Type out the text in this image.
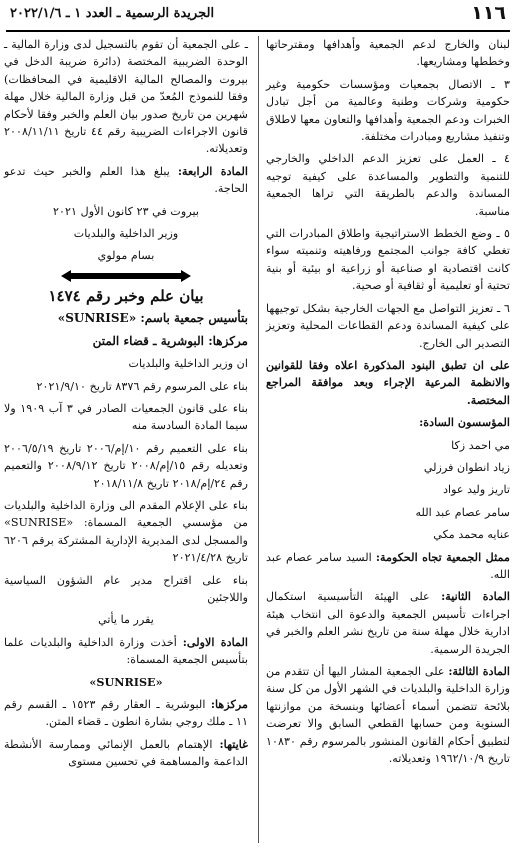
١١٦
الجريدة الرسمية ـ العدد ١ ـ ٢٠٢٢/١/٦

لبنان والخارج لدعم الجمعية وأهدافها ومقترحاتها وخططها ومشاريعها.

٣ ـ الاتصال بجمعيات ومؤسسات حكومية وغير حكومية وشركات وطنية وعالمية من أجل تبادل الخبرات ودعم الجمعية وأهدافها والتعاون معها لاطلاق وتنفيذ مشاريع ومبادرات مختلفة.

٤ ـ العمل على تعزيز الدعم الداخلي والخارجي للتنمية والتطوير والمساعدة على كيفية توجيه المساندة والدعم بالطريقة التي تراها الجمعية مناسبة.

٥ ـ وضع الخطط الاستراتيجية واطلاق المبادرات التي تغطي كافة جوانب المجتمع ورفاهيته وتنميته سواء كانت اقتصادية او صناعية أو زراعية او بيئية أو بنية تحتية أو تعليمية أو ثقافية أو صحية.

٦ ـ تعزيز التواصل مع الجهات الخارجية بشكل توجيهها على كيفية المساندة ودعم القطاعات المحلية وتعزيز التصدير الى الخارج.

على ان تطبق البنود المذكورة اعلاه وفقا للقوانين والانظمة المرعية الإجراء وبعد موافقة المراجع المختصة.

المؤسسون السادة:

مي احمد زكا

زياد انطوان فرزلي

تاريز وليد عواد

سامر عصام عبد الله

عنايه محمد مكي

ممثل الجمعية تجاه الحكومة: السيد سامر عصام عبد الله.

المادة الثانية: على الهيئة التأسيسية استكمال اجراءات تأسيس الجمعية والدعوة الى انتخاب هيئة ادارية خلال مهلة سنة من تاريخ نشر العلم والخبر في الجريدة الرسمية.

المادة الثالثة: على الجمعية المشار اليها أن تتقدم من وزارة الداخلية والبلديات في الشهر الأول من كل سنة بلائحة تتضمن أسماء أعضائها وبنسخة من موازنتها السنوية ومن حسابها القطعي السابق والا تعرضت لتطبيق أحكام القانون المنشور بالمرسوم رقم ١٠٨٣٠ تاريخ ١٩٦٢/١٠/٩ وتعديلاته.

ـ على الجمعية أن تقوم بالتسجيل لدى وزارة المالية ـ الوحدة الضريبية المختصة (دائرة ضريبة الدخل في بيروت والمصالح المالية الاقليمية في المحافظات) وفقا للنموذج المُعدّ من قبل وزارة المالية خلال مهلة شهرين من تاريخ صدور بيان العلم والخبر وفقا لأحكام قانون الاجراءات الضريبية رقم ٤٤ تاريخ ٢٠٠٨/١١/١١ وتعديلاته.

المادة الرابعة: يبلغ هذا العلم والخبر حيث تدعو الحاجة.

بيروت في ٢٣ كانون الأول ٢٠٢١

وزير الداخلية والبلديات

بسام مولوي

بيان علم وخبر رقم ١٤٧٤

بتأسيس جمعية باسم: «SUNRISE»

مركزها: البوشرية ـ قضاء المتن

ان وزير الداخلية والبلديات

بناء على المرسوم رقم ٨٣٧٦ تاريخ ٢٠٢١/٩/١٠

بناء على قانون الجمعيات الصادر في ٣ آب ١٩٠٩ ولا سيما المادة السادسة منه

بناء على التعميم رقم ١٠/إم/٢٠٠٦ تاريخ ٢٠٠٦/٥/١٩ وتعديله رقم ١٥/إم/٢٠٠٨ تاريخ ٢٠٠٨/٩/١٢ والتعميم رقم ٢٤/إم/٢٠١٨ تاريخ ٢٠١٨/١١/٨

بناء على الإعلام المقدم الى وزارة الداخلية والبلديات من مؤسسي الجمعية المسماة: «SUNRISE» والمسجل لدى المديرية الإدارية المشتركة برقم ٦٢٠٦ تاريخ ٢٠٢١/٤/٢٨

بناء على اقتراح مدير عام الشؤون السياسية واللاجئين

يقرر ما يأتي

المادة الاولى: أخذت وزارة الداخلية والبلديات علما بتأسيس الجمعية المسماة:

«SUNRISE»

مركزها: البوشرية ـ العقار رقم ١٥٢٣ ـ القسم رقم ١١ ـ ملك روجي بشارة انطون ـ قضاء المتن.

غايتها: الإهتمام بالعمل الإنمائي وممارسة الأنشطة الداعمة والمساهمة في تحسين مستوى
